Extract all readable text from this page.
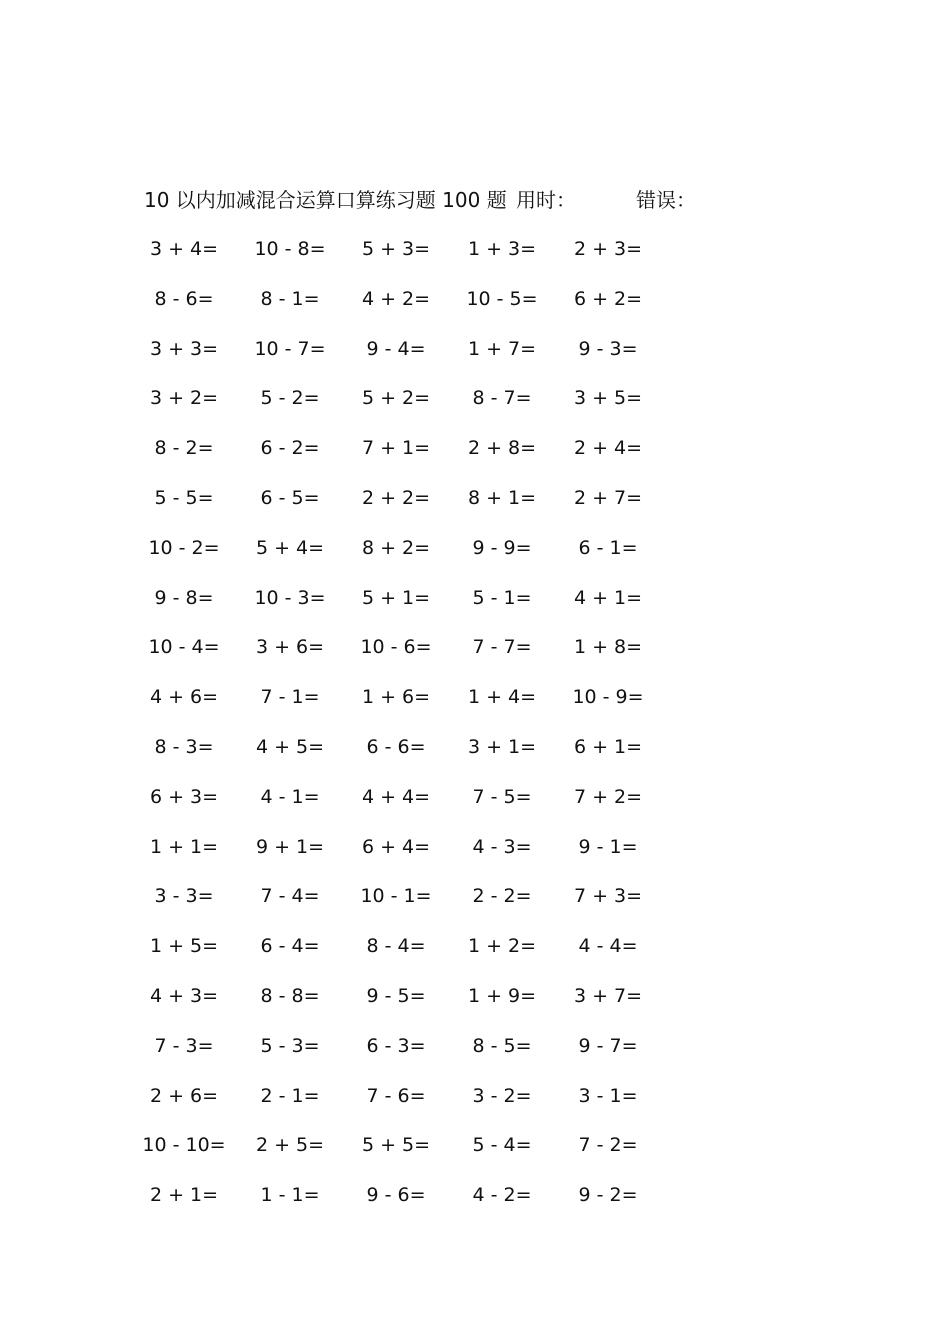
10 以内加减混合运算口算练习题 100 题 用时：	错误：
3 + 4=	10 - 8=	5 + 3=	1 + 3=	2 + 3=
8 - 6=	8 - 1=	4 + 2=	10 - 5=	6 + 2=
3 + 3=	10 - 7=	9 - 4=	1 + 7=	9 - 3=
3 + 2=	5 - 2=	5 + 2=	8 - 7=	3 + 5=
8 - 2=	6 - 2=	7 + 1=	2 + 8=	2 + 4=
5 - 5=	6 - 5=	2 + 2=	8 + 1=	2 + 7=
10 - 2=	5 + 4=	8 + 2=	9 - 9=	6 - 1=
9 - 8=	10 - 3=	5 + 1=	5 - 1=	4 + 1=
10 - 4=	3 + 6=	10 - 6=	7 - 7=	1 + 8=
4 + 6=	7 - 1=	1 + 6=	1 + 4=	10 - 9=
8 - 3=	4 + 5=	6 - 6=	3 + 1=	6 + 1=
6 + 3=	4 - 1=	4 + 4=	7 - 5=	7 + 2=
1 + 1=	9 + 1=	6 + 4=	4 - 3=	9 - 1=
3 - 3=	7 - 4=	10 - 1=	2 - 2=	7 + 3=
1 + 5=	6 - 4=	8 - 4=	1 + 2=	4 - 4=
4 + 3=	8 - 8=	9 - 5=	1 + 9=	3 + 7=
7 - 3=	5 - 3=	6 - 3=	8 - 5=	9 - 7=
2 + 6=	2 - 1=	7 - 6=	3 - 2=	3 - 1=
10 - 10=	2 + 5=	5 + 5=	5 - 4=	7 - 2=
2 + 1=	1 - 1=	9 - 6=	4 - 2=	9 - 2=
